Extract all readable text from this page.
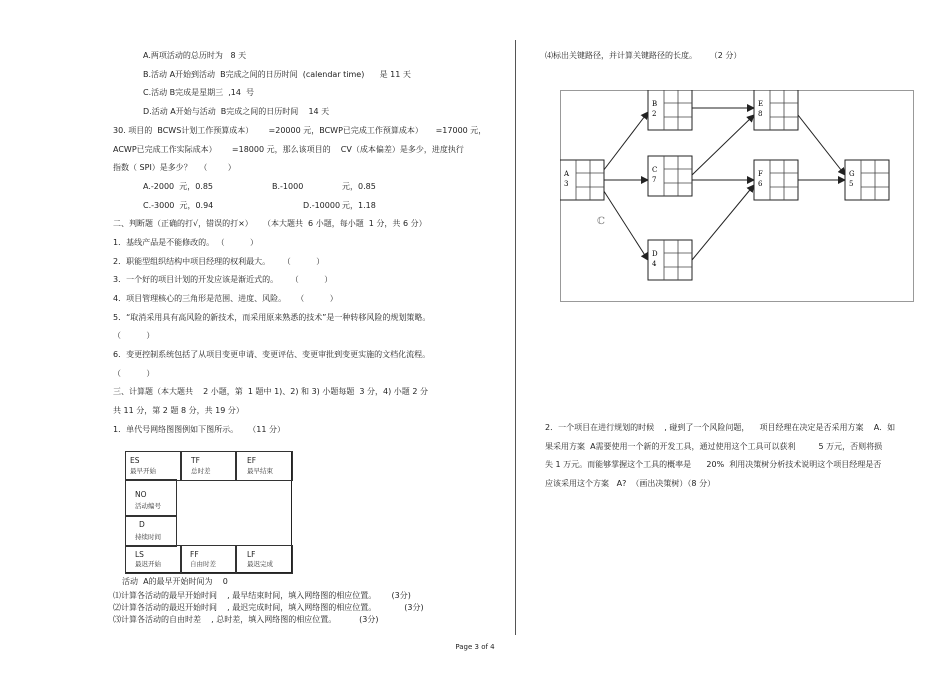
A.两项活动的总历时为   8 天
B.活动 A开始到活动  B完成之间的日历时间  (calendar time)      是 11 天
C.活动 B完成是星期三  ,14  号
D.活动 A开始与活动  B完成之间的日历时间    14 天
30. 项目的  BCWS计划工作预算成本）      =20000 元，BCWP已完成工作预算成本）     =17000 元，
ACWP已完成工作实际成本）      =18000 元，那么该项目的    CV（成本偏差）是多少，进度执行
指数（ SPI）是多少？   （        ）
A.-2000  元，0.85	B.-1000	元，0.85
C.-3000  元，0.94	D.-10000 元，1.18
二、判断题（正确的打√，错误的打×）    （本大题共  6 小题，每小题  1 分，共 6 分）
1．基线产品是不能修改的。 （          ）
2．职能型组织结构中项目经理的权利最大。     （          ）
3．一个好的项目计划的开发应该是渐近式的。     （          ）
4．项目管理核心的三角形是范围、进度、风险。    （          ）
5．“取消采用具有高风险的新技术，而采用原来熟悉的技术”是一种转移风险的规划策略。
（          ）
6．变更控制系统包括了从项目变更申请、变更评估、变更审批到变更实施的文档化流程。
（          ）
三、计算题（本大题共    2 小题，第  1 题中 1)、2) 和 3) 小题每题  3 分，4) 小题 2 分
共 11 分，第 2 题 8 分，共 19 分）
1．单代号网络图图例如下图所示。    （11 分）
ES
最早开始
TF
总时差
EF
最早结束
NO
活动编号
D
持续时间
LS
最迟开始
FF
自由时差
LF
最迟完成
活动  A的最早开始时间为    0
⑴计算各活动的最早开始时间    , 最早结束时间，填入网络图的相应位置。      (3分)
⑵计算各活动的最迟开始时间    , 最迟完成时间，填入网络图的相应位置。           (3分)
⑶计算各活动的自由时差    , 总时差，填入网络图的相应位置。         (3分)
⑷标出关键路径，并计算关键路径的长度。     （2 分）
A
3
B
2
C
7
D
4
E
8
F
6
G
5
ℂ
2．一个项目在进行规划的时候    , 碰到了一个风险问题，    项目经理在决定是否采用方案    A．如
果采用方案  A需要使用一个新的开发工具，通过使用这个工具可以获利         5 万元，否则将损
失 1 万元。而能够掌握这个工具的概率是      20%  利用决策树分析技术说明这个项目经理是否
应该采用这个方案   A?  （画出决策树）（8 分）
Page 3 of 4
